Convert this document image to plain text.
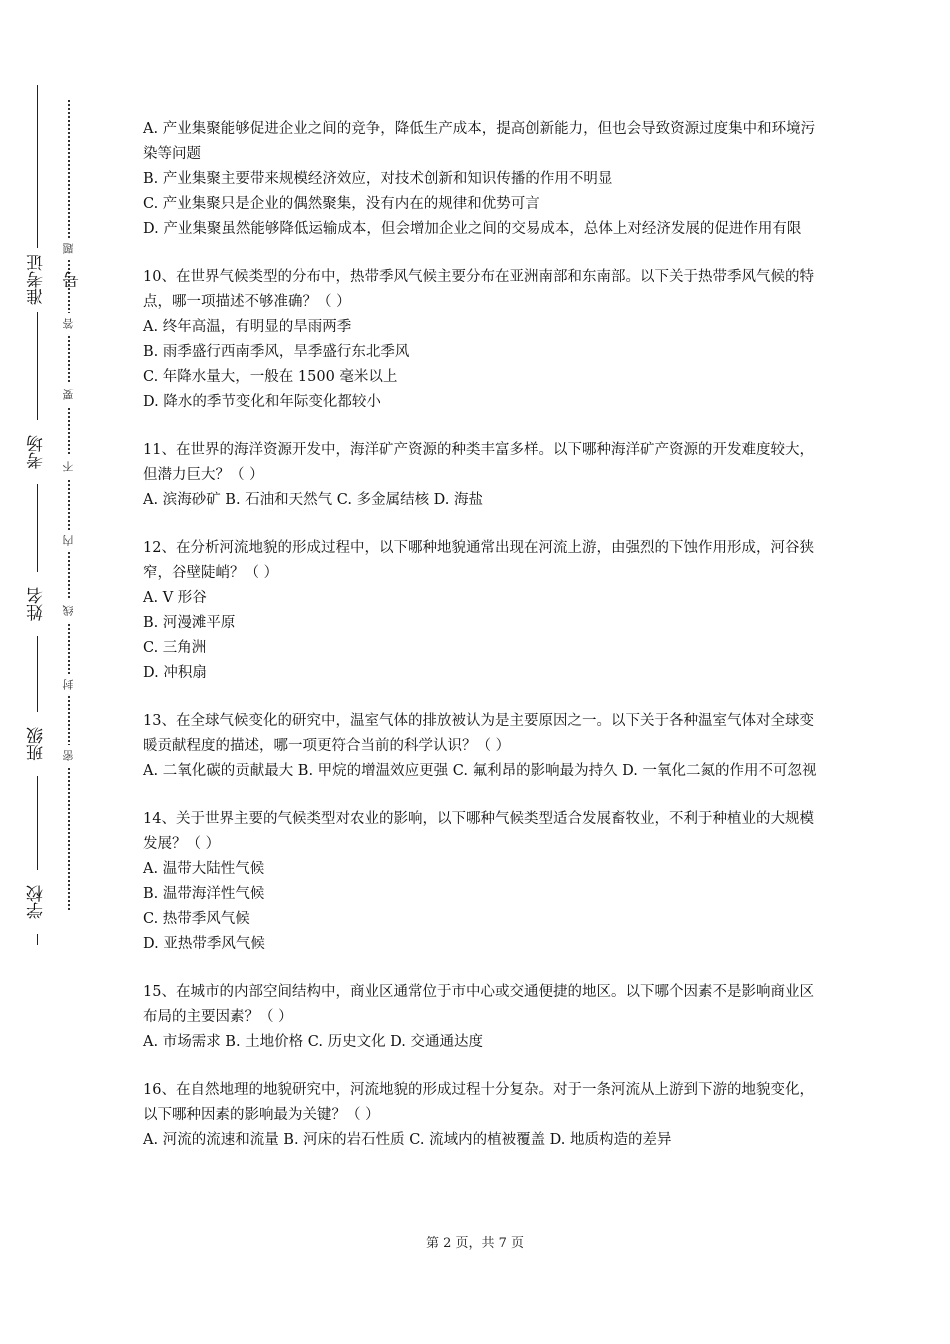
准考证号
考场
姓名
班级
学校
题
答
要
不
内
线
封
密

A. 产业集聚能够促进企业之间的竞争，降低生产成本，提高创新能力，但也会导致资源过度集中和环境污染等问题

B. 产业集聚主要带来规模经济效应，对技术创新和知识传播的作用不明显

C. 产业集聚只是企业的偶然聚集，没有内在的规律和优势可言

D. 产业集聚虽然能够降低运输成本，但会增加企业之间的交易成本，总体上对经济发展的促进作用有限

10、在世界气候类型的分布中，热带季风气候主要分布在亚洲南部和东南部。以下关于热带季风气候的特点，哪一项描述不够准确？（ ）

A. 终年高温，有明显的旱雨两季

B. 雨季盛行西南季风，旱季盛行东北季风

C. 年降水量大，一般在 1500 毫米以上

D. 降水的季节变化和年际变化都较小

11、在世界的海洋资源开发中，海洋矿产资源的种类丰富多样。以下哪种海洋矿产资源的开发难度较大，但潜力巨大？（ ）

A. 滨海砂矿 B. 石油和天然气 C. 多金属结核 D. 海盐

12、在分析河流地貌的形成过程中，以下哪种地貌通常出现在河流上游，由强烈的下蚀作用形成，河谷狭窄，谷壁陡峭？（ ）

A. V 形谷

B. 河漫滩平原

C. 三角洲

D. 冲积扇

13、在全球气候变化的研究中，温室气体的排放被认为是主要原因之一。以下关于各种温室气体对全球变暖贡献程度的描述，哪一项更符合当前的科学认识？（ ）

A. 二氧化碳的贡献最大 B. 甲烷的增温效应更强 C. 氟利昂的影响最为持久 D. 一氧化二氮的作用不可忽视

14、关于世界主要的气候类型对农业的影响，以下哪种气候类型适合发展畜牧业，不利于种植业的大规模发展？（ ）

A. 温带大陆性气候

B. 温带海洋性气候

C. 热带季风气候

D. 亚热带季风气候

15、在城市的内部空间结构中，商业区通常位于市中心或交通便捷的地区。以下哪个因素不是影响商业区布局的主要因素？（ ）

A. 市场需求 B. 土地价格 C. 历史文化 D. 交通通达度

16、在自然地理的地貌研究中，河流地貌的形成过程十分复杂。对于一条河流从上游到下游的地貌变化，以下哪种因素的影响最为关键？（ ）

A. 河流的流速和流量 B. 河床的岩石性质 C. 流域内的植被覆盖 D. 地质构造的差异

第 2 页，共 7 页
